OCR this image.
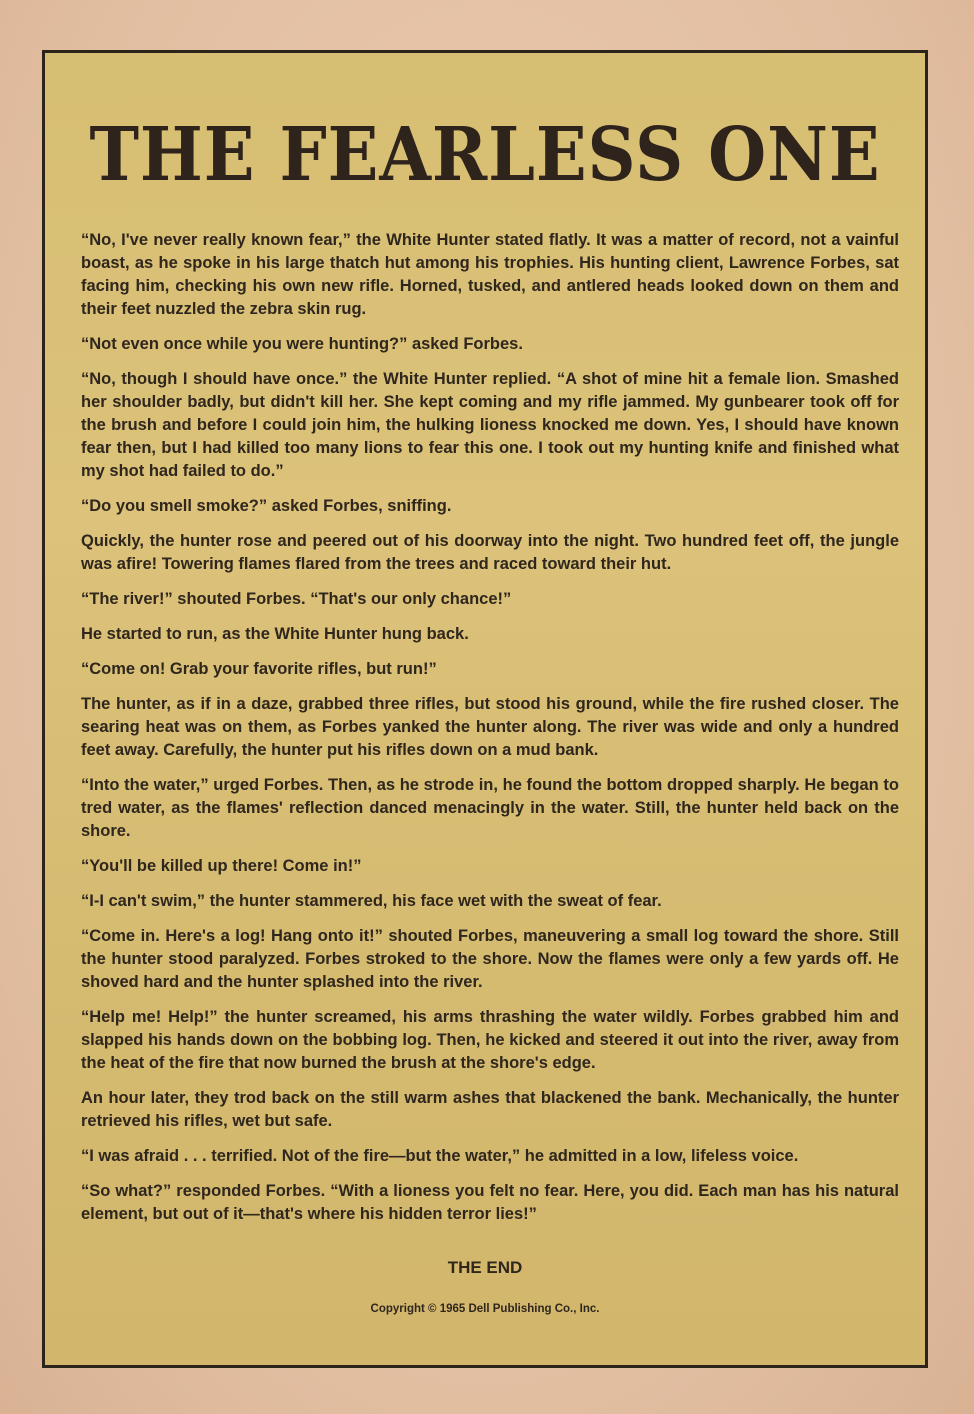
THE FEARLESS ONE

“No, I've never really known fear,” the White Hunter stated flatly. It was a matter of record, not a vainful boast, as he spoke in his large thatch hut among his trophies. His hunting client, Lawrence Forbes, sat facing him, checking his own new rifle. Horned, tusked, and antlered heads looked down on them and their feet nuzzled the zebra skin rug.

“Not even once while you were hunting?” asked Forbes.

“No, though I should have once.” the White Hunter replied. “A shot of mine hit a female lion. Smashed her shoulder badly, but didn't kill her. She kept coming and my rifle jammed. My gunbearer took off for the brush and before I could join him, the hulking lioness knocked me down. Yes, I should have known fear then, but I had killed too many lions to fear this one. I took out my hunting knife and finished what my shot had failed to do.”

“Do you smell smoke?” asked Forbes, sniffing.

Quickly, the hunter rose and peered out of his doorway into the night. Two hundred feet off, the jungle was afire! Towering flames flared from the trees and raced toward their hut.

“The river!” shouted Forbes. “That's our only chance!”

He started to run, as the White Hunter hung back.

“Come on! Grab your favorite rifles, but run!”

The hunter, as if in a daze, grabbed three rifles, but stood his ground, while the fire rushed closer. The searing heat was on them, as Forbes yanked the hunter along. The river was wide and only a hundred feet away. Carefully, the hunter put his rifles down on a mud bank.

“Into the water,” urged Forbes. Then, as he strode in, he found the bottom dropped sharply. He began to tred water, as the flames' reflection danced menacingly in the water. Still, the hunter held back on the shore.

“You'll be killed up there! Come in!”

“I-I can't swim,” the hunter stammered, his face wet with the sweat of fear.

“Come in. Here's a log! Hang onto it!” shouted Forbes, maneuvering a small log toward the shore. Still the hunter stood paralyzed. Forbes stroked to the shore. Now the flames were only a few yards off. He shoved hard and the hunter splashed into the river.

“Help me! Help!” the hunter screamed, his arms thrashing the water wildly. Forbes grabbed him and slapped his hands down on the bobbing log. Then, he kicked and steered it out into the river, away from the heat of the fire that now burned the brush at the shore's edge.

An hour later, they trod back on the still warm ashes that blackened the bank. Mechanically, the hunter retrieved his rifles, wet but safe.

“I was afraid . . . terrified. Not of the fire—but the water,” he admitted in a low, lifeless voice.

“So what?” responded Forbes. “With a lioness you felt no fear. Here, you did. Each man has his natural element, but out of it—that's where his hidden terror lies!”

THE END
Copyright © 1965 Dell Publishing Co., Inc.
